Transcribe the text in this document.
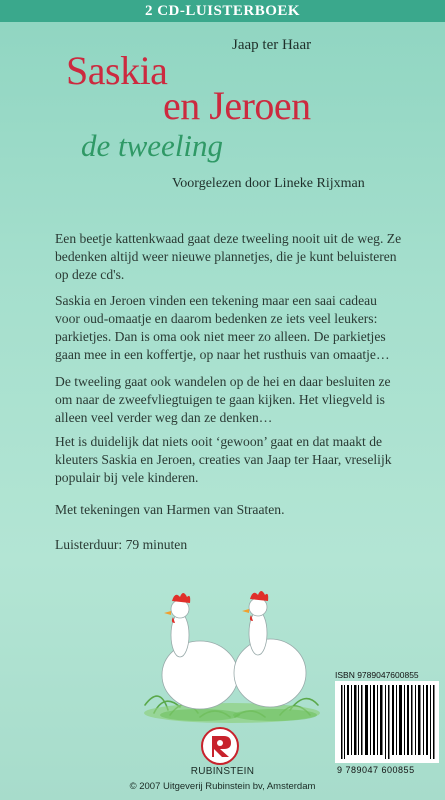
2 CD-LUISTERBOEK
Jaap ter Haar
Saskia
en Jeroen
de tweeling
Voorgelezen door Lineke Rijxman

Een beetje kattenkwaad gaat deze tweeling nooit uit de weg. Ze bedenken altijd weer nieuwe plannetjes, die je kunt beluisteren op deze cd's.

Saskia en Jeroen vinden een tekening maar een saai cadeau voor oud-omaatje en daarom bedenken ze iets veel leukers: parkietjes. Dan is oma ook niet meer zo alleen. De parkietjes gaan mee in een koffertje, op naar het rusthuis van omaatje…

De tweeling gaat ook wandelen op de hei en daar besluiten ze om naar de zweefvliegtuigen te gaan kijken. Het vliegveld is alleen veel verder weg dan ze denken…

Het is duidelijk dat niets ooit ‘gewoon’ gaat en dat maakt de kleuters Saskia en Jeroen, creaties van Jaap ter Haar, vreselijk populair bij vele kinderen.

Met tekeningen van Harmen van Straaten.

Luisterduur: 79 minuten

ISBN 9789047600855
9 789047 600855
RUBINSTEIN
© 2007 Uitgeverij Rubinstein bv, Amsterdam
